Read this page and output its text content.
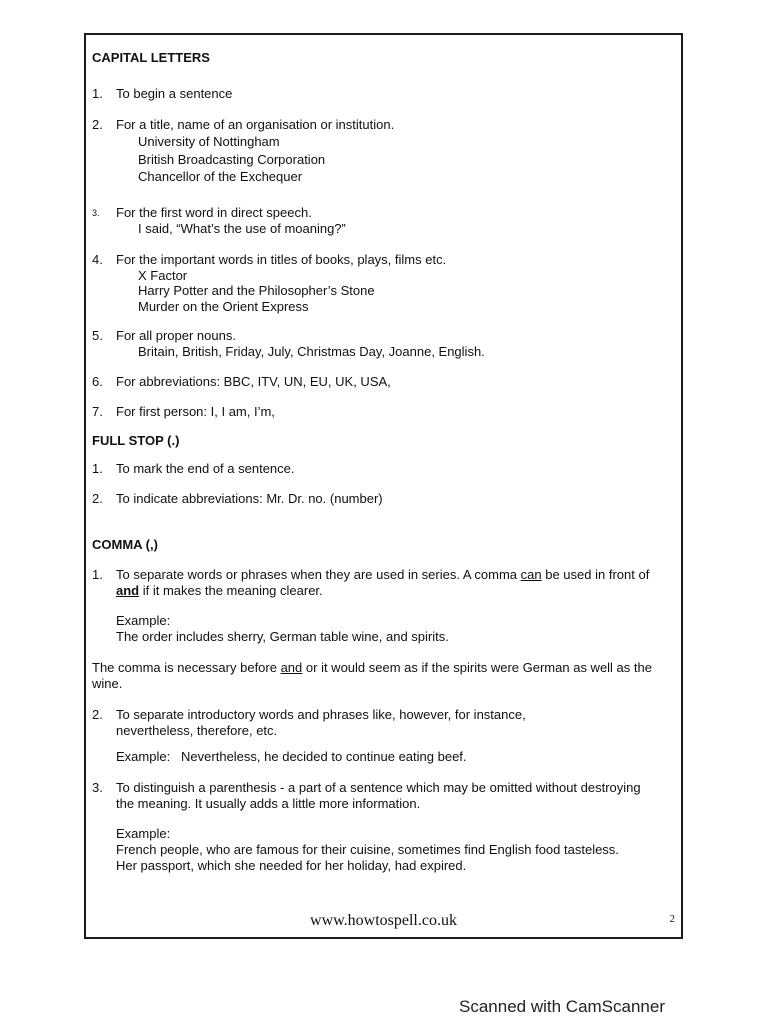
CAPITAL LETTERS
1. To begin a sentence

2. For a title, name of an organisation or institution.

University of Nottingham

British Broadcasting Corporation

Chancellor of the Exchequer

3. For the first word in direct speech.

I said, “What’s the use of moaning?”

4. For the important words in titles of books, plays, films etc.

X Factor

Harry Potter and the Philosopher’s Stone

Murder on the Orient Express

5. For all proper nouns.

Britain, British, Friday, July, Christmas Day, Joanne, English.

6. For abbreviations: BBC, ITV, UN, EU, UK, USA,

7. For first person: I, I am, I’m,

FULL STOP (.)
1. To mark the end of a sentence.

2. To indicate abbreviations: Mr. Dr. no. (number)

COMMA (,)
1. To separate words or phrases when they are used in series. A comma can be used in front of and if it makes the meaning clearer.

Example:

The order includes sherry, German table wine, and spirits.

The comma is necessary before and or it would seem as if the spirits were German as well as the wine.

2. To separate introductory words and phrases like, however, for instance, nevertheless, therefore, etc.

Example: Nevertheless, he decided to continue eating beef.

3. To distinguish a parenthesis - a part of a sentence which may be omitted without destroying the meaning. It usually adds a little more information.

Example:

French people, who are famous for their cuisine, sometimes find English food tasteless.

Her passport, which she needed for her holiday, had expired.

www.howtospell.co.uk	2
Scanned with CamScanner
